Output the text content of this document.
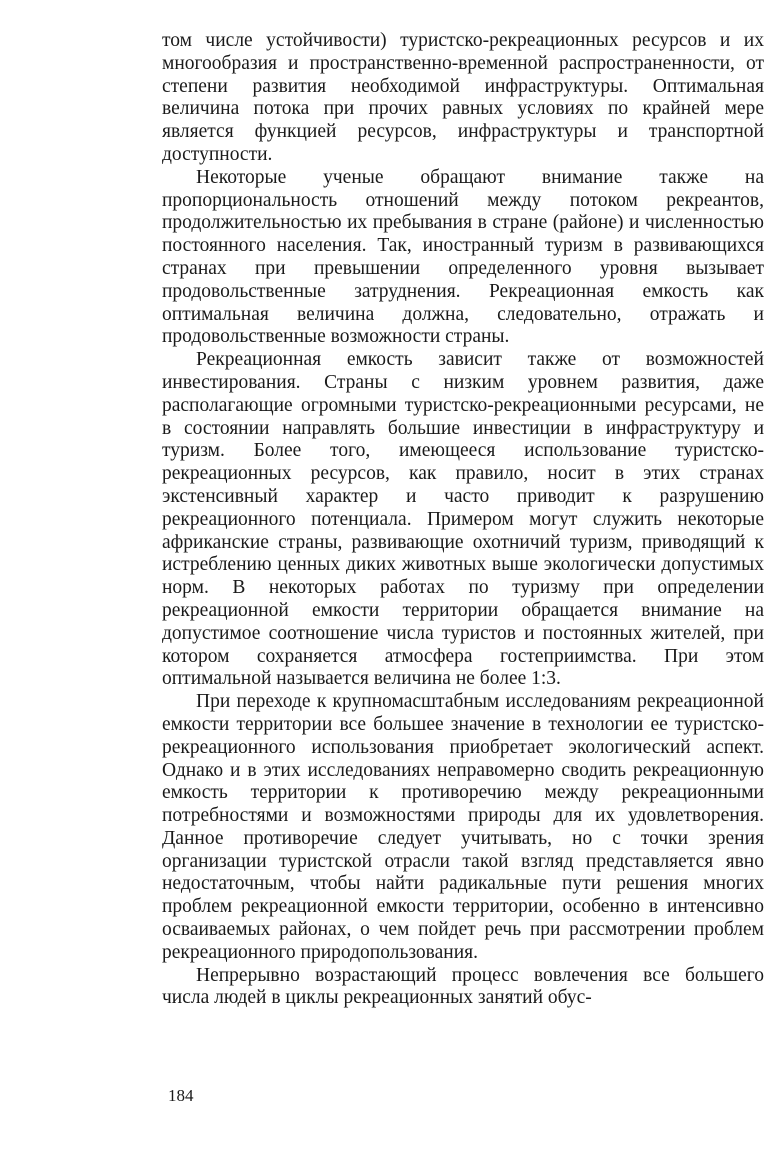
том числе устойчивости) туристско-рекреационных ресурсов и их многообразия и пространственно-временной распространенности, от степени развития необходимой инфраструктуры. Оптимальная величина потока при прочих равных условиях по крайней мере является функцией ресурсов, инфраструктуры и транспортной доступности.

Некоторые ученые обращают внимание также на пропорциональность отношений между потоком рекреантов, продолжительностью их пребывания в стране (районе) и численностью постоянного населения. Так, иностранный туризм в развивающихся странах при превышении определенного уровня вызывает продовольственные затруднения. Рекреационная емкость как оптимальная величина должна, следовательно, отражать и продовольственные возможности страны.

Рекреационная емкость зависит также от возможностей инвестирования. Страны с низким уровнем развития, даже располагающие огромными туристско-рекреационными ресурсами, не в состоянии направлять большие инвестиции в инфраструктуру и туризм. Более того, имеющееся использование туристско-рекреационных ресурсов, как правило, носит в этих странах экстенсивный характер и часто приводит к разрушению рекреационного потенциала. Примером могут служить некоторые африканские страны, развивающие охотничий туризм, приводящий к истреблению ценных диких животных выше экологически допустимых норм. В некоторых работах по туризму при определении рекреационной емкости территории обращается внимание на допустимое соотношение числа туристов и постоянных жителей, при котором сохраняется атмосфера гостеприимства. При этом оптимальной называется величина не более 1:3.

При переходе к крупномасштабным исследованиям рекреационной емкости территории все большее значение в технологии ее туристско-рекреационного использования приобретает экологический аспект. Однако и в этих исследованиях неправомерно сводить рекреационную емкость территории к противоречию между рекреационными потребностями и возможностями природы для их удовлетворения. Данное противоречие следует учитывать, но с точки зрения организации туристской отрасли такой взгляд представляется явно недостаточным, чтобы найти радикальные пути решения многих проблем рекреационной емкости территории, особенно в интенсивно осваиваемых районах, о чем пойдет речь при рассмотрении проблем рекреационного природопользования.

Непрерывно возрастающий процесс вовлечения все большего числа людей в циклы рекреационных занятий обус-

184
